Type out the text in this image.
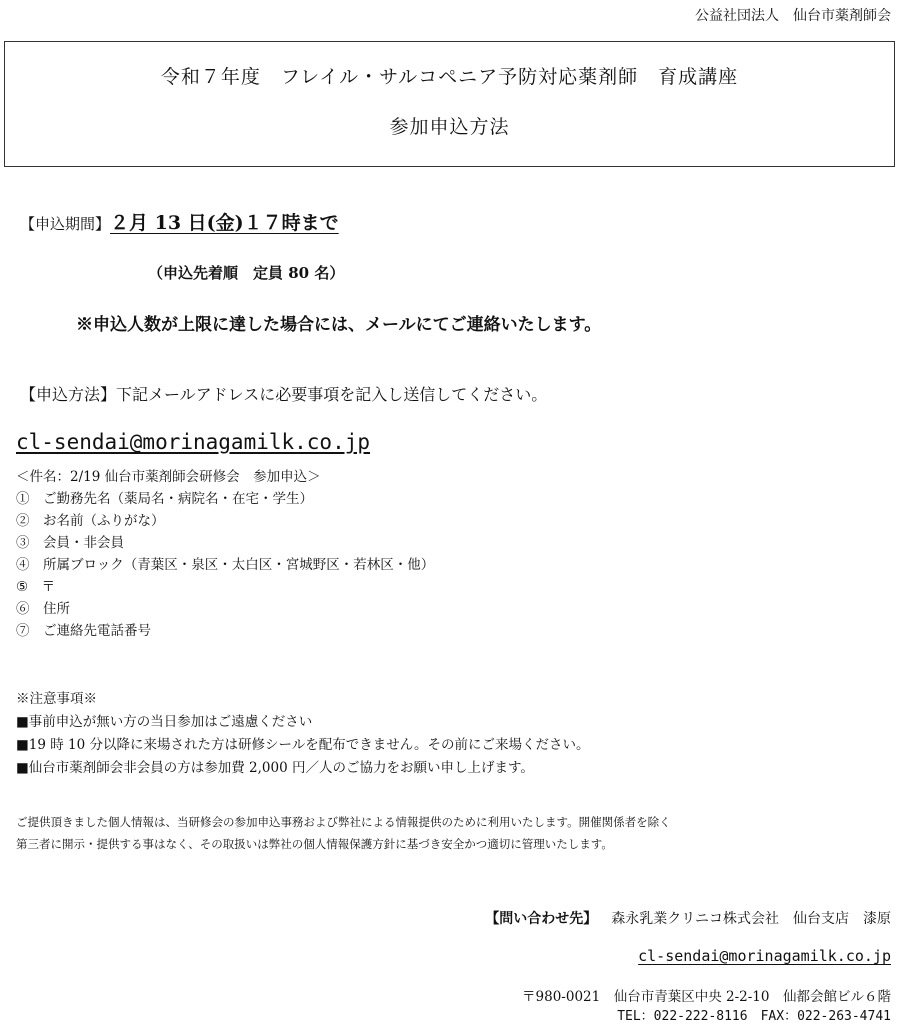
公益社団法人　仙台市薬剤師会
令和７年度　フレイル・サルコペニア予防対応薬剤師　育成講座
参加申込方法
【申込期間】２月 13 日(金)１７時まで
（申込先着順　定員 80 名）
※申込人数が上限に達した場合には、メールにてご連絡いたします。
【申込方法】下記メールアドレスに必要事項を記入し送信してください。
cl-sendai@morinagamilk.co.jp
＜件名：2/19 仙台市薬剤師会研修会　参加申込＞
①　ご勤務先名（薬局名・病院名・在宅・学生）
②　お名前（ふりがな）
③　会員・非会員
④　所属ブロック（青葉区・泉区・太白区・宮城野区・若林区・他）
⑤　〒
⑥　住所
⑦　ご連絡先電話番号
※注意事項※
■事前申込が無い方の当日参加はご遠慮ください
■19 時 10 分以降に来場された方は研修シールを配布できません。その前にご来場ください。
■仙台市薬剤師会非会員の方は参加費 2,000 円／人のご協力をお願い申し上げます。
ご提供頂きました個人情報は、当研修会の参加申込事務および弊社による情報提供のために利用いたします。開催関係者を除く
第三者に開示・提供する事はなく、その取扱いは弊社の個人情報保護方針に基づき安全かつ適切に管理いたします。
【問い合わせ先】 森永乳業クリニコ株式会社　仙台支店　漆原
cl-sendai@morinagamilk.co.jp
〒980-0021　仙台市青葉区中央 2-2-10　仙都会館ビル６階
TEL：022-222-8116　FAX：022-263-4741
